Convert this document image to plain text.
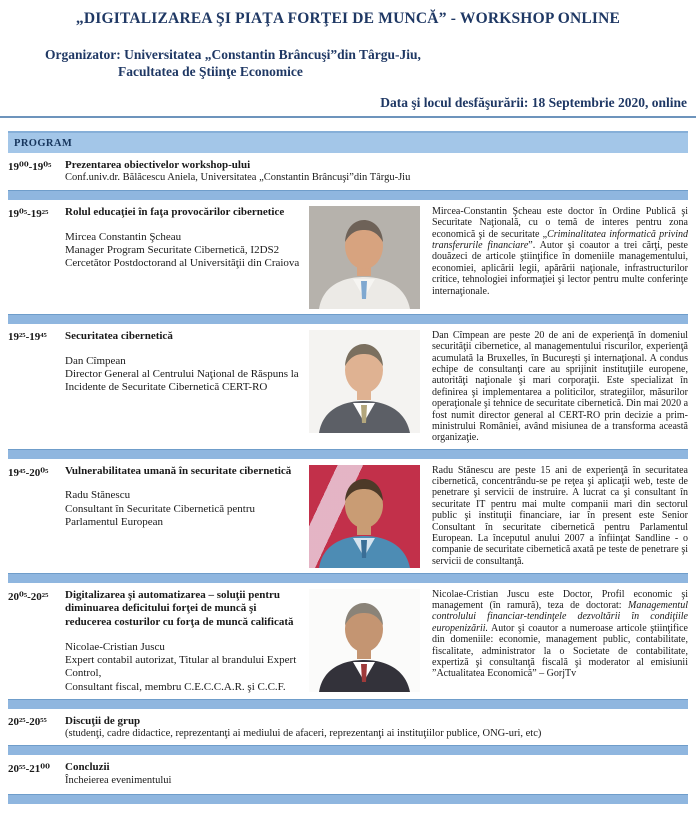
„DIGITALIZAREA ŞI PIAŢA FORŢEI DE MUNCĂ” - WORKSHOP ONLINE
Organizator: Universitatea „Constantin Brâncuşi”din Târgu-Jiu,
Facultatea de Ştiinţe Economice
Data şi locul desfăşurării: 18 Septembrie 2020, online
PROGRAM
19⁰⁰-19⁰⁵	Prezentarea obiectivelor workshop-ului
Conf.univ.dr. Bălăcescu Aniela, Universitatea „Constantin Brâncuşi”din Târgu-Jiu
19⁰⁵-19²⁵	Rolul educaţiei în faţa provocărilor cibernetice
Mircea Constantin Şcheau
Manager Program Securitate Cibernetică, I2DS2
Cercetător Postdoctorand al Universităţii din Craiova
Mircea-Constantin Şcheau este doctor în Ordine Publică şi Securitate Naţională, cu o temă de interes pentru zona economică şi de securitate „Criminalitatea informatică privind transferurile financiare”. Autor şi coautor a trei cărţi, peste douăzeci de articole ştiinţifice în domeniile managementului, economiei, aplicării legii, apărării naţionale, infrastructurilor critice, tehnologiei informaţiei şi lector pentru multe conferinţe internaţionale.
19²⁵-19⁴⁵	Securitatea cibernetică
Dan Cîmpean
Director General al Centrului Naţional de Răspuns la
Incidente de Securitate Cibernetică CERT-RO
Dan Cîmpean are peste 20 de ani de experienţă în domeniul securităţii cibernetice, al managementului riscurilor, experienţă acumulată la Bruxelles, în Bucureşti şi internaţional. A condus echipe de consultanţi care au sprijinit instituţiile europene, autorităţi naţionale şi mari corporaţii. Este specializat în definirea şi implementarea a politicilor, strategiilor, măsurilor operaţionale şi tehnice de securitate cibernetică. Din mai 2020 a fost numit director general al CERT-RO prin decizie a prim-ministrului României, având misiunea de a transforma această organizaţie.
19⁴⁵-20⁰⁵	Vulnerabilitatea umană în securitate cibernetică
Radu Stănescu
Consultant în Securitate Cibernetică pentru
Parlamentul European
Radu Stănescu are peste 15 ani de experienţă în securitatea cibernetică, concentrându-se pe reţea şi aplicaţii web, teste de penetrare şi servicii de instruire. A lucrat ca şi consultant în securitate IT pentru mai multe companii mari din sectorul public şi instituţii financiare, iar în present este Senior Consultant în securitate cibernetică pentru Parlamentul European. La începutul anului 2007 a înfiinţat Sandline - o companie de securitate cibernetică axată pe teste de penetrare şi servicii de consultanţă.
20⁰⁵-20²⁵	Digitalizarea şi automatizarea – soluţii pentru diminuarea deficitului forţei de muncă şi reducerea costurilor cu forţa de muncă calificată
Nicolae-Cristian Juscu
Expert contabil autorizat, Titular al brandului Expert
Control,
Consultant fiscal, membru C.E.C.C.A.R. şi C.C.F.
Nicolae-Cristian Juscu este Doctor, Profil economic şi management (în ramură), teza de doctorat: Managementul controlului financiar-tendinţele dezvoltării în condiţiile europenizării. Autor şi coautor a numeroase articole ştiinţifice din domeniile: economie, management public, contabilitate, fiscalitate, administrator la o Societate de contabilitate, expertiză şi consultanţă fiscală şi moderator al emisiunii ”Actualitatea Economică” – GorjTv
20²⁵-20⁵⁵	Discuţii de grup
(studenţi, cadre didactice, reprezentanţi ai mediului de afaceri, reprezentanţi ai instituţiilor publice, ONG-uri, etc)
20⁵⁵-21⁰⁰	Concluzii
Încheierea evenimentului
